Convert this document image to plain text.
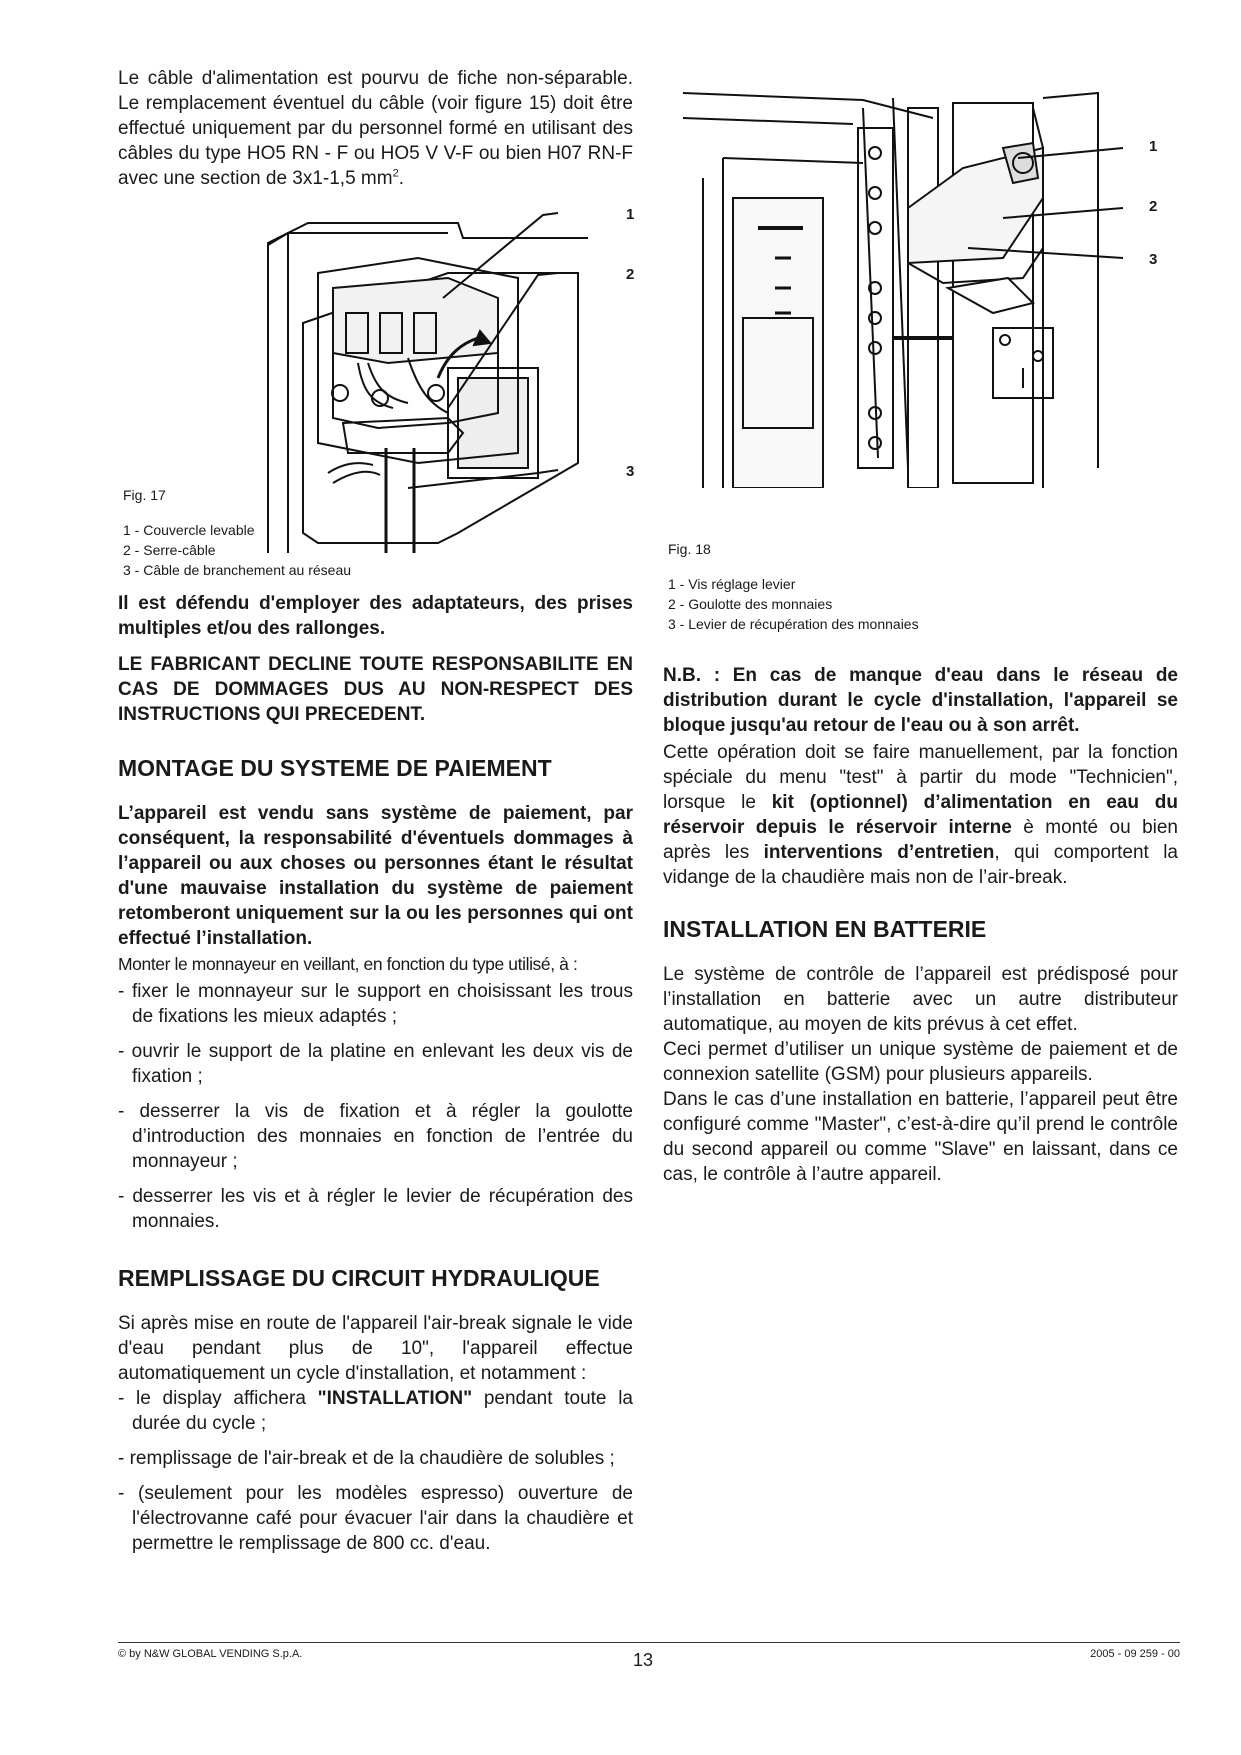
Le câble d'alimentation est pourvu de fiche non-séparable. Le remplacement éventuel du câble (voir figure 15) doit être effectué uniquement par du personnel formé en utilisant des câbles du type HO5 RN - F ou HO5 V V-F ou bien H07 RN-F avec une section de 3x1-1,5 $mm^2$.

1
2
3
Fig. 17
1 - Couvercle levable
2 - Serre-câble
3 - Câble de branchement au réseau

Il est défendu d'employer des adaptateurs, des prises multiples et/ou des rallonges.

LE FABRICANT DECLINE TOUTE RESPONSABILITE EN CAS DE DOMMAGES DUS AU NON-RESPECT DES INSTRUCTIONS QUI PRECEDENT.

MONTAGE DU SYSTEME DE PAIEMENT

L’appareil est vendu sans système de paiement, par conséquent, la responsabilité d'éventuels dommages à l’appareil ou aux choses ou personnes étant le résultat d'une mauvaise installation du système de paiement retomberont uniquement sur la ou les personnes qui ont effectué l’installation.

Monter le monnayeur en veillant, en fonction du type utilisé, à :

- fixer le monnayeur sur le support en choisissant les trous de fixations les mieux adaptés ;
- ouvrir le support de la platine en enlevant les deux vis de fixation ;
- desserrer la vis de fixation et à régler la goulotte d’introduction des monnaies en fonction de l’entrée du monnayeur ;
- desserrer les vis et à régler le levier de récupération des monnaies.
REMPLISSAGE DU CIRCUIT HYDRAULIQUE

Si après mise en route de l'appareil l'air-break signale le vide d'eau pendant plus de 10", l'appareil effectue automatiquement un cycle d'installation, et notamment :

- le display affichera "INSTALLATION" pendant toute la durée du cycle ;
- remplissage de l'air-break et de la chaudière de solubles ;
- (seulement pour les modèles espresso) ouverture de l'électrovanne café pour évacuer l'air dans la chaudière et permettre le remplissage de 800 cc. d'eau.
1
2
3
Fig. 18
1 - Vis réglage levier
2 - Goulotte des monnaies
3 - Levier de récupération des monnaies

N.B. : En cas de manque d'eau dans le réseau de distribution durant le cycle d'installation, l'appareil se bloque jusqu'au retour de l'eau ou à son arrêt.

Cette opération doit se faire manuellement, par la fonction spéciale du menu "test" à partir du mode "Technicien", lorsque le kit (optionnel) d’alimentation en eau du réservoir depuis le réservoir interne è monté ou bien après les interventions d’entretien, qui comportent la vidange de la chaudière mais non de l’air-break.

INSTALLATION EN BATTERIE

Le système de contrôle de l’appareil est prédisposé pour l’installation en batterie avec un autre distributeur automatique, au moyen de kits prévus à cet effet.

Ceci permet d’utiliser un unique système de paiement et de connexion satellite (GSM) pour plusieurs appareils.

Dans le cas d’une installation en batterie, l’appareil peut être configuré comme "Master", c’est-à-dire qu’il prend le contrôle du second appareil ou comme "Slave" en laissant, dans ce cas, le contrôle à l’autre appareil.

© by N&W GLOBAL VENDING S.p.A.	13	2005 - 09 259 - 00
